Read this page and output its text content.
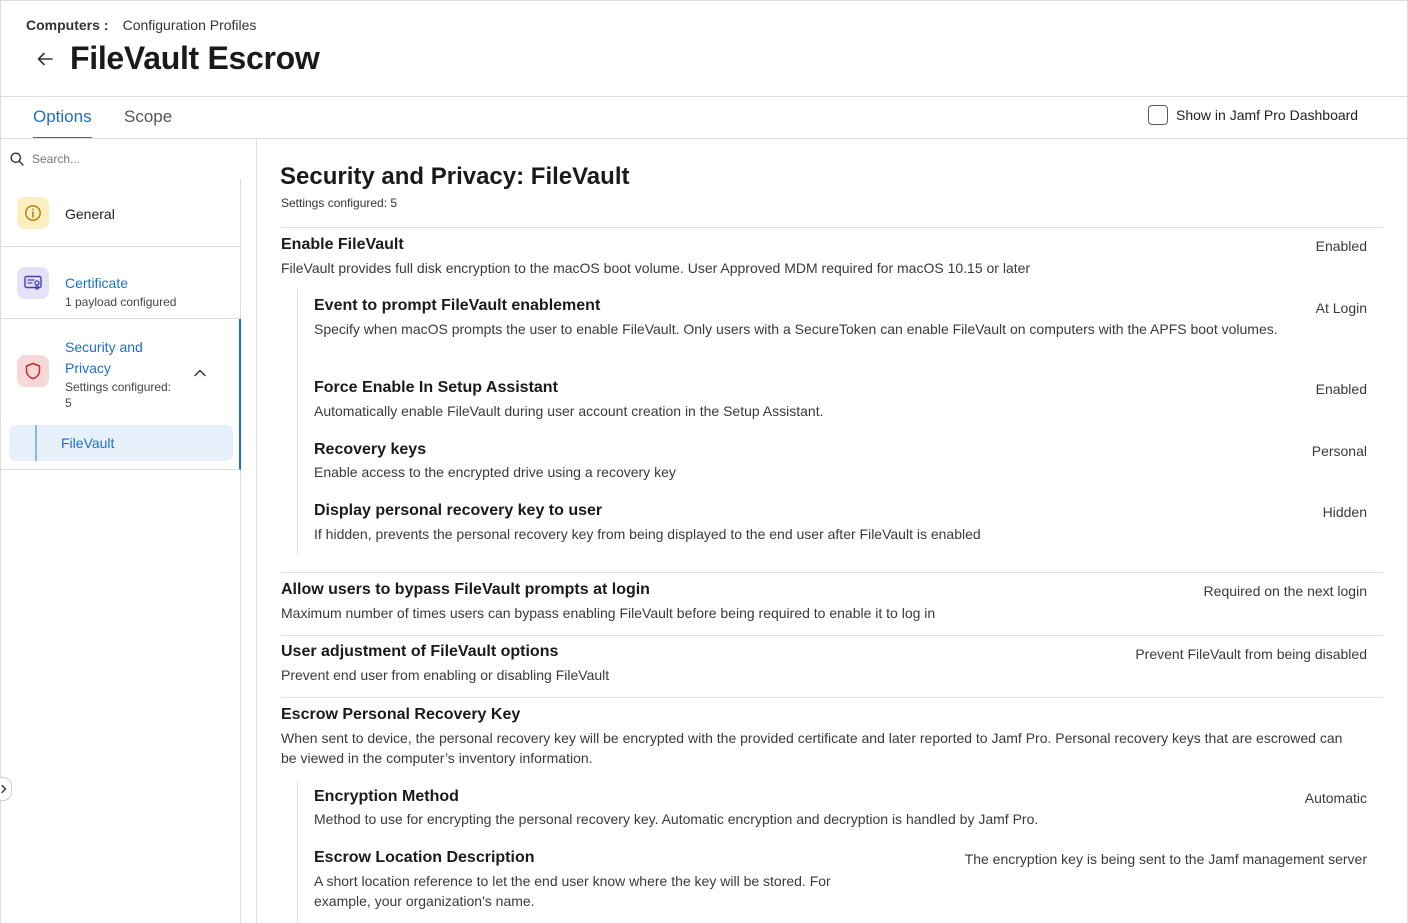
Computers : Configuration Profiles
FileVault Escrow
Options Scope	Show in Jamf Pro Dashboard
Search...
General
Certificate
1 payload configured
Security and Privacy
Settings configured: 5
FileVault
Security and Privacy: FileVault
Settings configured: 5
Enable FileVault	Enabled
FileVault provides full disk encryption to the macOS boot volume. User Approved MDM required for macOS 10.15 or later
Event to prompt FileVault enablement	At Login
Specify when macOS prompts the user to enable FileVault. Only users with a SecureToken can enable FileVault on computers with the APFS boot volumes.
Force Enable In Setup Assistant	Enabled
Automatically enable FileVault during user account creation in the Setup Assistant.
Recovery keys	Personal
Enable access to the encrypted drive using a recovery key
Display personal recovery key to user	Hidden
If hidden, prevents the personal recovery key from being displayed to the end user after FileVault is enabled
Allow users to bypass FileVault prompts at login	Required on the next login
Maximum number of times users can bypass enabling FileVault before being required to enable it to log in
User adjustment of FileVault options	Prevent FileVault from being disabled
Prevent end user from enabling or disabling FileVault
Escrow Personal Recovery Key
When sent to device, the personal recovery key will be encrypted with the provided certificate and later reported to Jamf Pro. Personal recovery keys that are escrowed can be viewed in the computer’s inventory information.
Encryption Method	Automatic
Method to use for encrypting the personal recovery key. Automatic encryption and decryption is handled by Jamf Pro.
Escrow Location Description	The encryption key is being sent to the Jamf management server
A short location reference to let the end user know where the key will be stored. For example, your organization's name.
